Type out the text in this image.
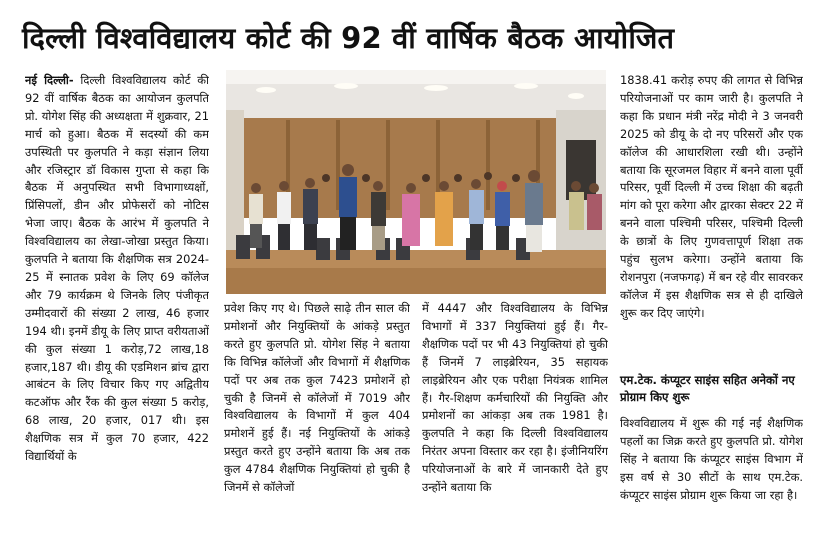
दिल्ली विश्वविद्यालय कोर्ट की 92 वीं वार्षिक बैठक आयोजित

नई दिल्ली- दिल्ली विश्वविद्यालय कोर्ट की 92 वीं वार्षिक बैठक का आयोजन कुलपति प्रो. योगेश सिंह की अध्यक्षता में शुक्रवार, 21 मार्च को हुआ। बैठक में सदस्यों की कम उपस्थिती पर कुलपति ने कड़ा संज्ञान लिया और रजिस्ट्रार डॉ विकास गुप्ता से कहा कि बैठक में अनुपस्थित सभी विभागाध्यक्षों, प्रिंसिपलों, डीन और प्रोफेसरों को नोटिस भेजा जाए। बैठक के आरंभ में कुलपति ने विश्वविद्यालय का लेखा-जोखा प्रस्तुत किया। कुलपति ने बताया कि शैक्षणिक सत्र 2024-25 में स्नातक प्रवेश के लिए 69 कॉलेज और 79 कार्यक्रम थे जिनके लिए पंजीकृत उम्मीदवारों की संख्या 2 लाख, 46 हजार 194 थी। इनमें डीयू के लिए प्राप्त वरीयताओं की कुल संख्या 1 करोड़,72 लाख,18 हजार,187 थी। डीयू की एडमिशन ब्रांच द्वारा आबंटन के लिए विचार किए गए अद्वितीय कटऑफ और रैंक की कुल संख्या 5 करोड़, 68 लाख, 20 हजार, 017 थी। इस शैक्षणिक सत्र में कुल 70 हजार, 422 विद्यार्थियों के

प्रवेश किए गए थे। पिछले साढ़े तीन साल की प्रमोशनों और नियुक्तियों के आंकड़े प्रस्तुत करते हुए कुलपति प्रो. योगेश सिंह ने बताया कि विभिन्न कॉलेजों और विभागों में शैक्षणिक पदों पर अब तक कुल 7423 प्रमोशनें हो चुकी है जिनमें से कॉलेजों में 7019 और विश्वविद्यालय के विभागों में कुल 404 प्रमोशनें हुई हैं। नई नियुक्तियों के आंकड़े प्रस्तुत करते हुए उन्होंने बताया कि अब तक कुल 4784 शैक्षणिक नियुक्तियां हो चुकी है जिनमें से कॉलेजों

में 4447 और विश्वविद्यालय के विभिन्न विभागों में 337 नियुक्तियां हुई हैं। गैर-शैक्षणिक पदों पर भी 43 नियुक्तियां हो चुकी हैं जिनमें 7 लाइब्रेरियन, 35 सहायक लाइब्रेरियन और एक परीक्षा नियंत्रक शामिल हैं। गैर-शिक्षण कर्मचारियों की नियुक्ति और प्रमोशनों का आंकड़ा अब तक 1981 है। कुलपति ने कहा कि दिल्ली विश्वविद्यालय निरंतर अपना विस्तार कर रहा है। इंजीनियरिंग परियोजनाओं के बारे में जानकारी देते हुए उन्होंने बताया कि

1838.41 करोड़ रुपए की लागत से विभिन्न परियोजनाओं पर काम जारी है। कुलपति ने कहा कि प्रधान मंत्री नरेंद्र मोदी ने 3 जनवरी 2025 को डीयू के दो नए परिसरों और एक कॉलेज की आधारशिला रखी थी। उन्होंने बताया कि सूरजमल विहार में बनने वाला पूर्वी परिसर, पूर्वी दिल्ली में उच्च शिक्षा की बढ़ती मांग को पूरा करेगा और द्वारका सेक्टर 22 में बनने वाला पश्चिमी परिसर, पश्चिमी दिल्ली के छात्रों के लिए गुणवत्तापूर्ण शिक्षा तक पहुंच सुलभ करेगा। उन्होंने बताया कि रोशनपुरा (नजफगढ़) में बन रहे वीर सावरकर कॉलेज में इस शैक्षणिक सत्र से ही दाखिले शुरू कर दिए जाएंगे।

एम.टेक. कंप्यूटर साइंस सहित अनेकों नए प्रोग्राम किए शुरू

विश्वविद्यालय में शुरू की गई नई शैक्षणिक पहलों का जिक्र करते हुए कुलपति प्रो. योगेश सिंह ने बताया कि कंप्यूटर साइंस विभाग में इस वर्ष से 30 सीटों के साथ एम.टेक. कंप्यूटर साइंस प्रोग्राम शुरू किया जा रहा है।
